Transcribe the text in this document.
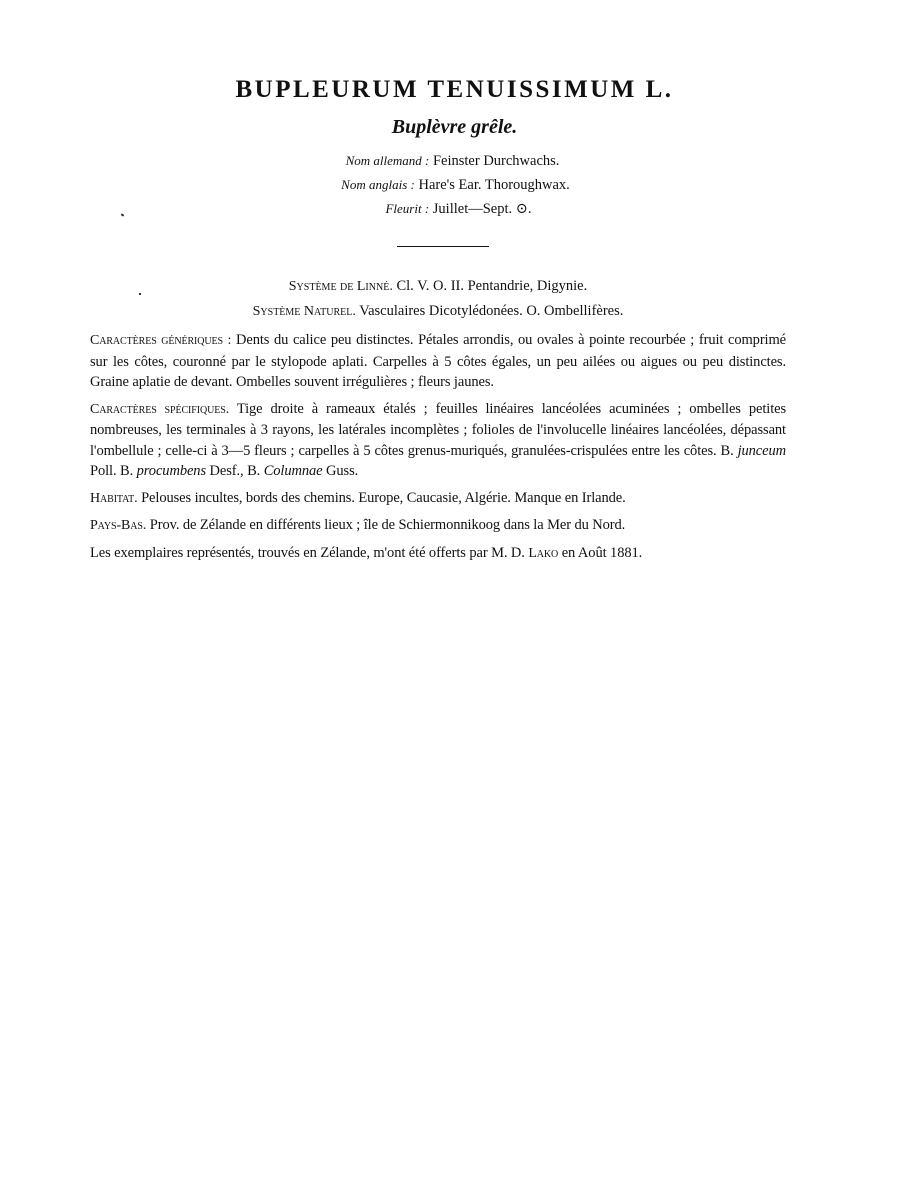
BUPLEURUM TENUISSIMUM L.
Buplèvre grêle.
Nom allemand : Feinster Durchwachs.
Nom anglais : Hare's Ear. Thoroughwax.
Fleurit : Juillet—Sept. ⊙.
Système de Linné. Cl. V. O. II. Pentandrie, Digynie.
Système Naturel. Vasculaires Dicotylédonées. O. Ombellifères.
Caractères génériques : Dents du calice peu distinctes. Pétales arrondis, ou ovales à pointe recourbée ; fruit comprimé sur les côtes, couronné par le stylopode aplati. Carpelles à 5 côtes égales, un peu ailées ou aigues ou peu distinctes. Graine aplatie de devant. Ombelles souvent irrégulières ; fleurs jaunes.
Caractères spécifiques. Tige droite à rameaux étalés ; feuilles linéaires lancéolées acuminées ; ombelles petites nombreuses, les terminales à 3 rayons, les latérales incomplètes ; folioles de l'involucelle linéaires lancéolées, dépassant l'ombellule ; celle-ci à 3—5 fleurs ; carpelles à 5 côtes grenus-muriqués, granulées-crispulées entre les côtes. B. junceum Poll. B. procumbens Desf., B. Columnae Guss.
Habitat. Pelouses incultes, bords des chemins. Europe, Caucasie, Algérie. Manque en Irlande.
Pays-Bas. Prov. de Zélande en différents lieux ; île de Schiermonnikoog dans la Mer du Nord.
Les exemplaires représentés, trouvés en Zélande, m'ont été offerts par M. D. Lako en Août 1881.
